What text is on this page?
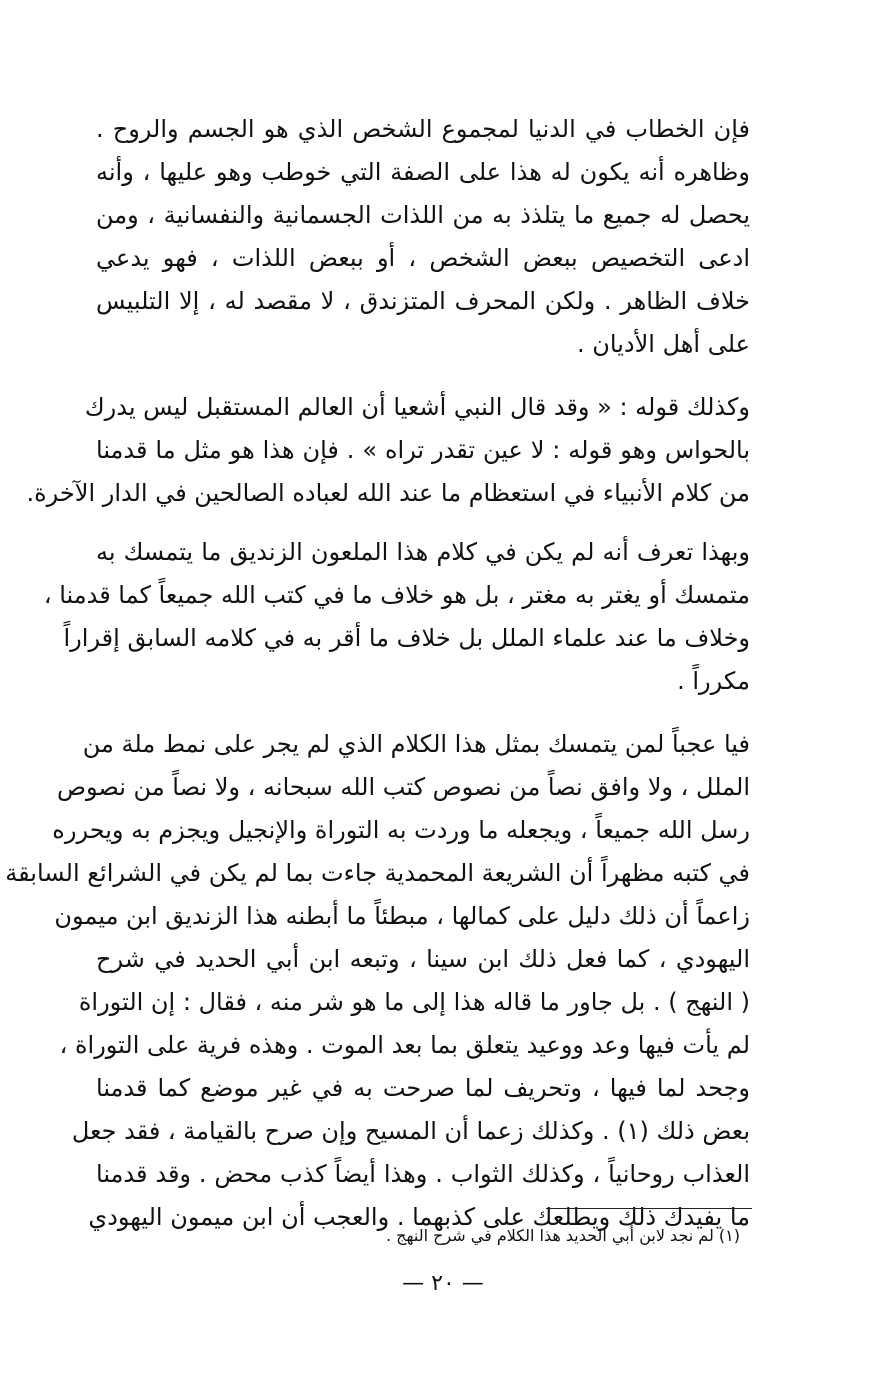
فإن الخطاب في الدنيا لمجموع الشخص الذي هو الجسم والروح .
وظاهره أنه يكون له هذا على الصفة التي خوطب وهو عليها ، وأنه
يحصل له جميع ما يتلذذ به من اللذات الجسمانية والنفسانية ، ومن
ادعى التخصيص ببعض الشخص ، أو ببعض اللذات ، فهو يدعي
خلاف الظاهر . ولكن المحرف المتزندق ، لا مقصد له ، إلا التلبيس
على أهل الأديان .
وكذلك قوله : « وقد قال النبي أشعيا أن العالم المستقبل ليس يدرك
بالحواس وهو قوله : لا عين تقدر تراه » . فإن هذا هو مثل ما قدمنا
من كلام الأنبياء في استعظام ما عند الله لعباده الصالحين في الدار الآخرة.
وبهذا تعرف أنه لم يكن في كلام هذا الملعون الزنديق ما يتمسك به
متمسك أو يغتر به مغتر ، بل هو خلاف ما في كتب الله جميعاً كما قدمنا ،
وخلاف ما عند علماء الملل بل خلاف ما أقر به في كلامه السابق إقراراً
مكرراً .
فيا عجباً لمن يتمسك بمثل هذا الكلام الذي لم يجر على نمط ملة من
الملل ، ولا وافق نصاً من نصوص كتب الله سبحانه ، ولا نصاً من نصوص
رسل الله جميعاً ، ويجعله ما وردت به التوراة والإنجيل ويجزم به ويحرره
في كتبه مظهراً أن الشريعة المحمدية جاءت بما لم يكن في الشرائع السابقة
زاعماً أن ذلك دليل على كمالها ، مبطئاً ما أبطنه هذا الزنديق ابن ميمون
اليهودي ، كما فعل ذلك ابن سينا ، وتبعه ابن أبي الحديد في شرح
( النهج ) . بل جاور ما قاله هذا إلى ما هو شر منه ، فقال : إن التوراة
لم يأت فيها وعد ووعيد يتعلق بما بعد الموت . وهذه فرية على التوراة ،
وجحد لما فيها ، وتحريف لما صرحت به في غير موضع كما قدمنا
بعض ذلك (١) . وكذلك زعما أن المسيح وإن صرح بالقيامة ، فقد جعل
العذاب روحانياً ، وكذلك الثواب . وهذا أيضاً كذب محض . وقد قدمنا
ما يفيدك ذلك ويطلعك على كذبهما . والعجب أن ابن ميمون اليهودي
(١) لم نجد لابن أبي الحديد هذا الكلام في شرح النهج .
— ٢٠ —
